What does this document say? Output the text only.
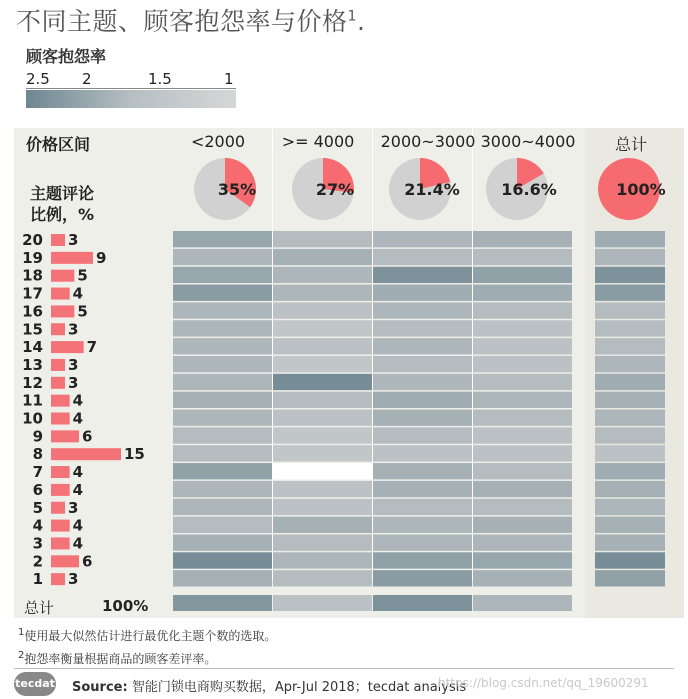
不同主题、顾客抱怨率与价格$^1$.
顾客抱怨率
2.5 2	1.5	1
价格区间
主题评论
比例，%
<2000	>= 4000	2000~3000 3000~4000	总计
35%	27%	21.4%	16.6%	100%
20 3
19	9
18 5
17 4
16 5
15 3
14	7
13 3
12 3
11 4
10 4
9	6
8	15
7 4
6 4
5 3
4 4
3 4
2	6
1 3
总计	100%
$^1$使用最大似然估计进行最优化主题个数的选取。
$^2$抱怨率衡量根据商品的顾客差评率。
tecdat Source: 智能门锁电商购买数据，Apr-Jul 2018；tecdat analysis
https://blog.csdn.net/qq_19600291
